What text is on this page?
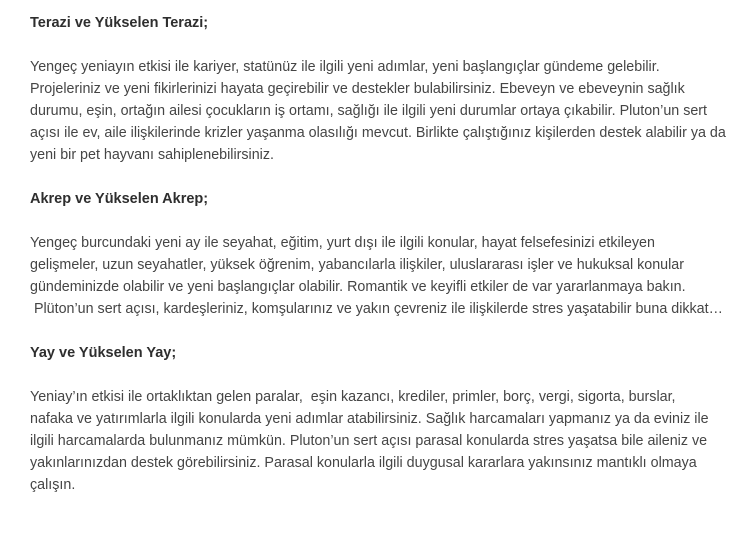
Terazi ve Yükselen Terazi;

Yengeç yeniayın etkisi ile kariyer, statünüz ile ilgili yeni adımlar, yeni başlangıçlar gündeme gelebilir.
Projeleriniz ve yeni fikirlerinizi hayata geçirebilir ve destekler bulabilirsiniz. Ebeveyn ve ebeveynin sağlık
durumu, eşin, ortağın ailesi çocukların iş ortamı, sağlığı ile ilgili yeni durumlar ortaya çıkabilir. Pluton’un sert
açısı ile ev, aile ilişkilerinde krizler yaşanma olasılığı mevcut. Birlikte çalıştığınız kişilerden destek alabilir ya da
yeni bir pet hayvanı sahiplenebilirsiniz.

Akrep ve Yükselen Akrep;

Yengeç burcundaki yeni ay ile seyahat, eğitim, yurt dışı ile ilgili konular, hayat felsefesinizi etkileyen
gelişmeler, uzun seyahatler, yüksek öğrenim, yabancılarla ilişkiler, uluslararası işler ve hukuksal konular
gündeminizde olabilir ve yeni başlangıçlar olabilir. Romantik ve keyifli etkiler de var yararlanmaya bakın.
Plüton’un sert açısı, kardeşleriniz, komşularınız ve yakın çevreniz ile ilişkilerde stres yaşatabilir buna dikkat…

Yay ve Yükselen Yay;

Yeniay’ın etkisi ile ortaklıktan gelen paralar,  eşin kazancı, krediler, primler, borç, vergi, sigorta, burslar,
nafaka ve yatırımlarla ilgili konularda yeni adımlar atabilirsiniz. Sağlık harcamaları yapmanız ya da eviniz ile
ilgili harcamalarda bulunmanız mümkün. Pluton’un sert açısı parasal konularda stres yaşatsa bile aileniz ve
yakınlarınızdan destek görebilirsiniz. Parasal konularla ilgili duygusal kararlara yakınsınız mantıklı olmaya
çalışın.
